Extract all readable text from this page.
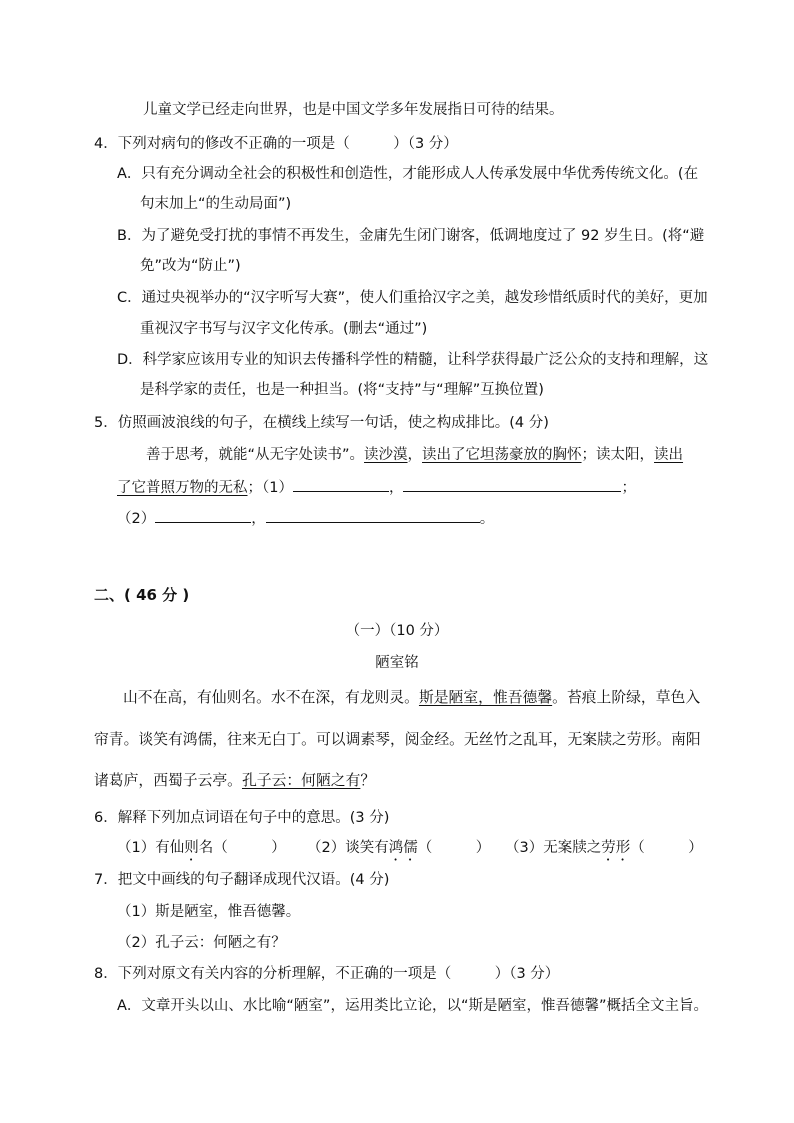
儿童文学已经走向世界，也是中国文学多年发展指日可待的结果。
4．下列对病句的修改不正确的一项是（　　　）（3 分）
A．只有充分调动全社会的积极性和创造性，才能形成人人传承发展中华优秀传统文化。(在
句末加上“的生动局面”)
B．为了避免受打扰的事情不再发生，金庸先生闭门谢客，低调地度过了 92 岁生日。(将“避
免”改为“防止”)
C．通过央视举办的“汉字听写大赛”，使人们重拾汉字之美，越发珍惜纸质时代的美好，更加
重视汉字书写与汉字文化传承。(删去“通过”)
D．科学家应该用专业的知识去传播科学性的精髓，让科学获得最广泛公众的支持和理解，这
是科学家的责任，也是一种担当。(将“支持”与“理解”互换位置)
5．仿照画波浪线的句子，在横线上续写一句话，使之构成排比。(4 分)
善于思考，就能“从无字处读书”。读沙漠，读出了它坦荡豪放的胸怀；读太阳，读出
了它普照万物的无私；（1）	，	；
（2）	，	。
二、( 46 分 )
（一）（10 分）
陋室铭
山不在高，有仙则名。水不在深，有龙则灵。斯是陋室，惟吾德馨。苔痕上阶绿，草色入
帘青。谈笑有鸿儒，往来无白丁。可以调素琴，阅金经。无丝竹之乱耳，无案牍之劳形。南阳
诸葛庐，西蜀子云亭。孔子云：何陋之有？
6．解释下列加点词语在句子中的意思。(3 分)
（1）有仙则名（　　　） （2）谈笑有鸿儒（　　　） （3）无案牍之劳形（　　　）
7．把文中画线的句子翻译成现代汉语。(4 分)
（1）斯是陋室，惟吾德馨。
（2）孔子云：何陋之有？
8．下列对原文有关内容的分析理解，不正确的一项是（　　　）（3 分）
A．文章开头以山、水比喻“陋室”，运用类比立论，以“斯是陋室，惟吾德馨”概括全文主旨。
